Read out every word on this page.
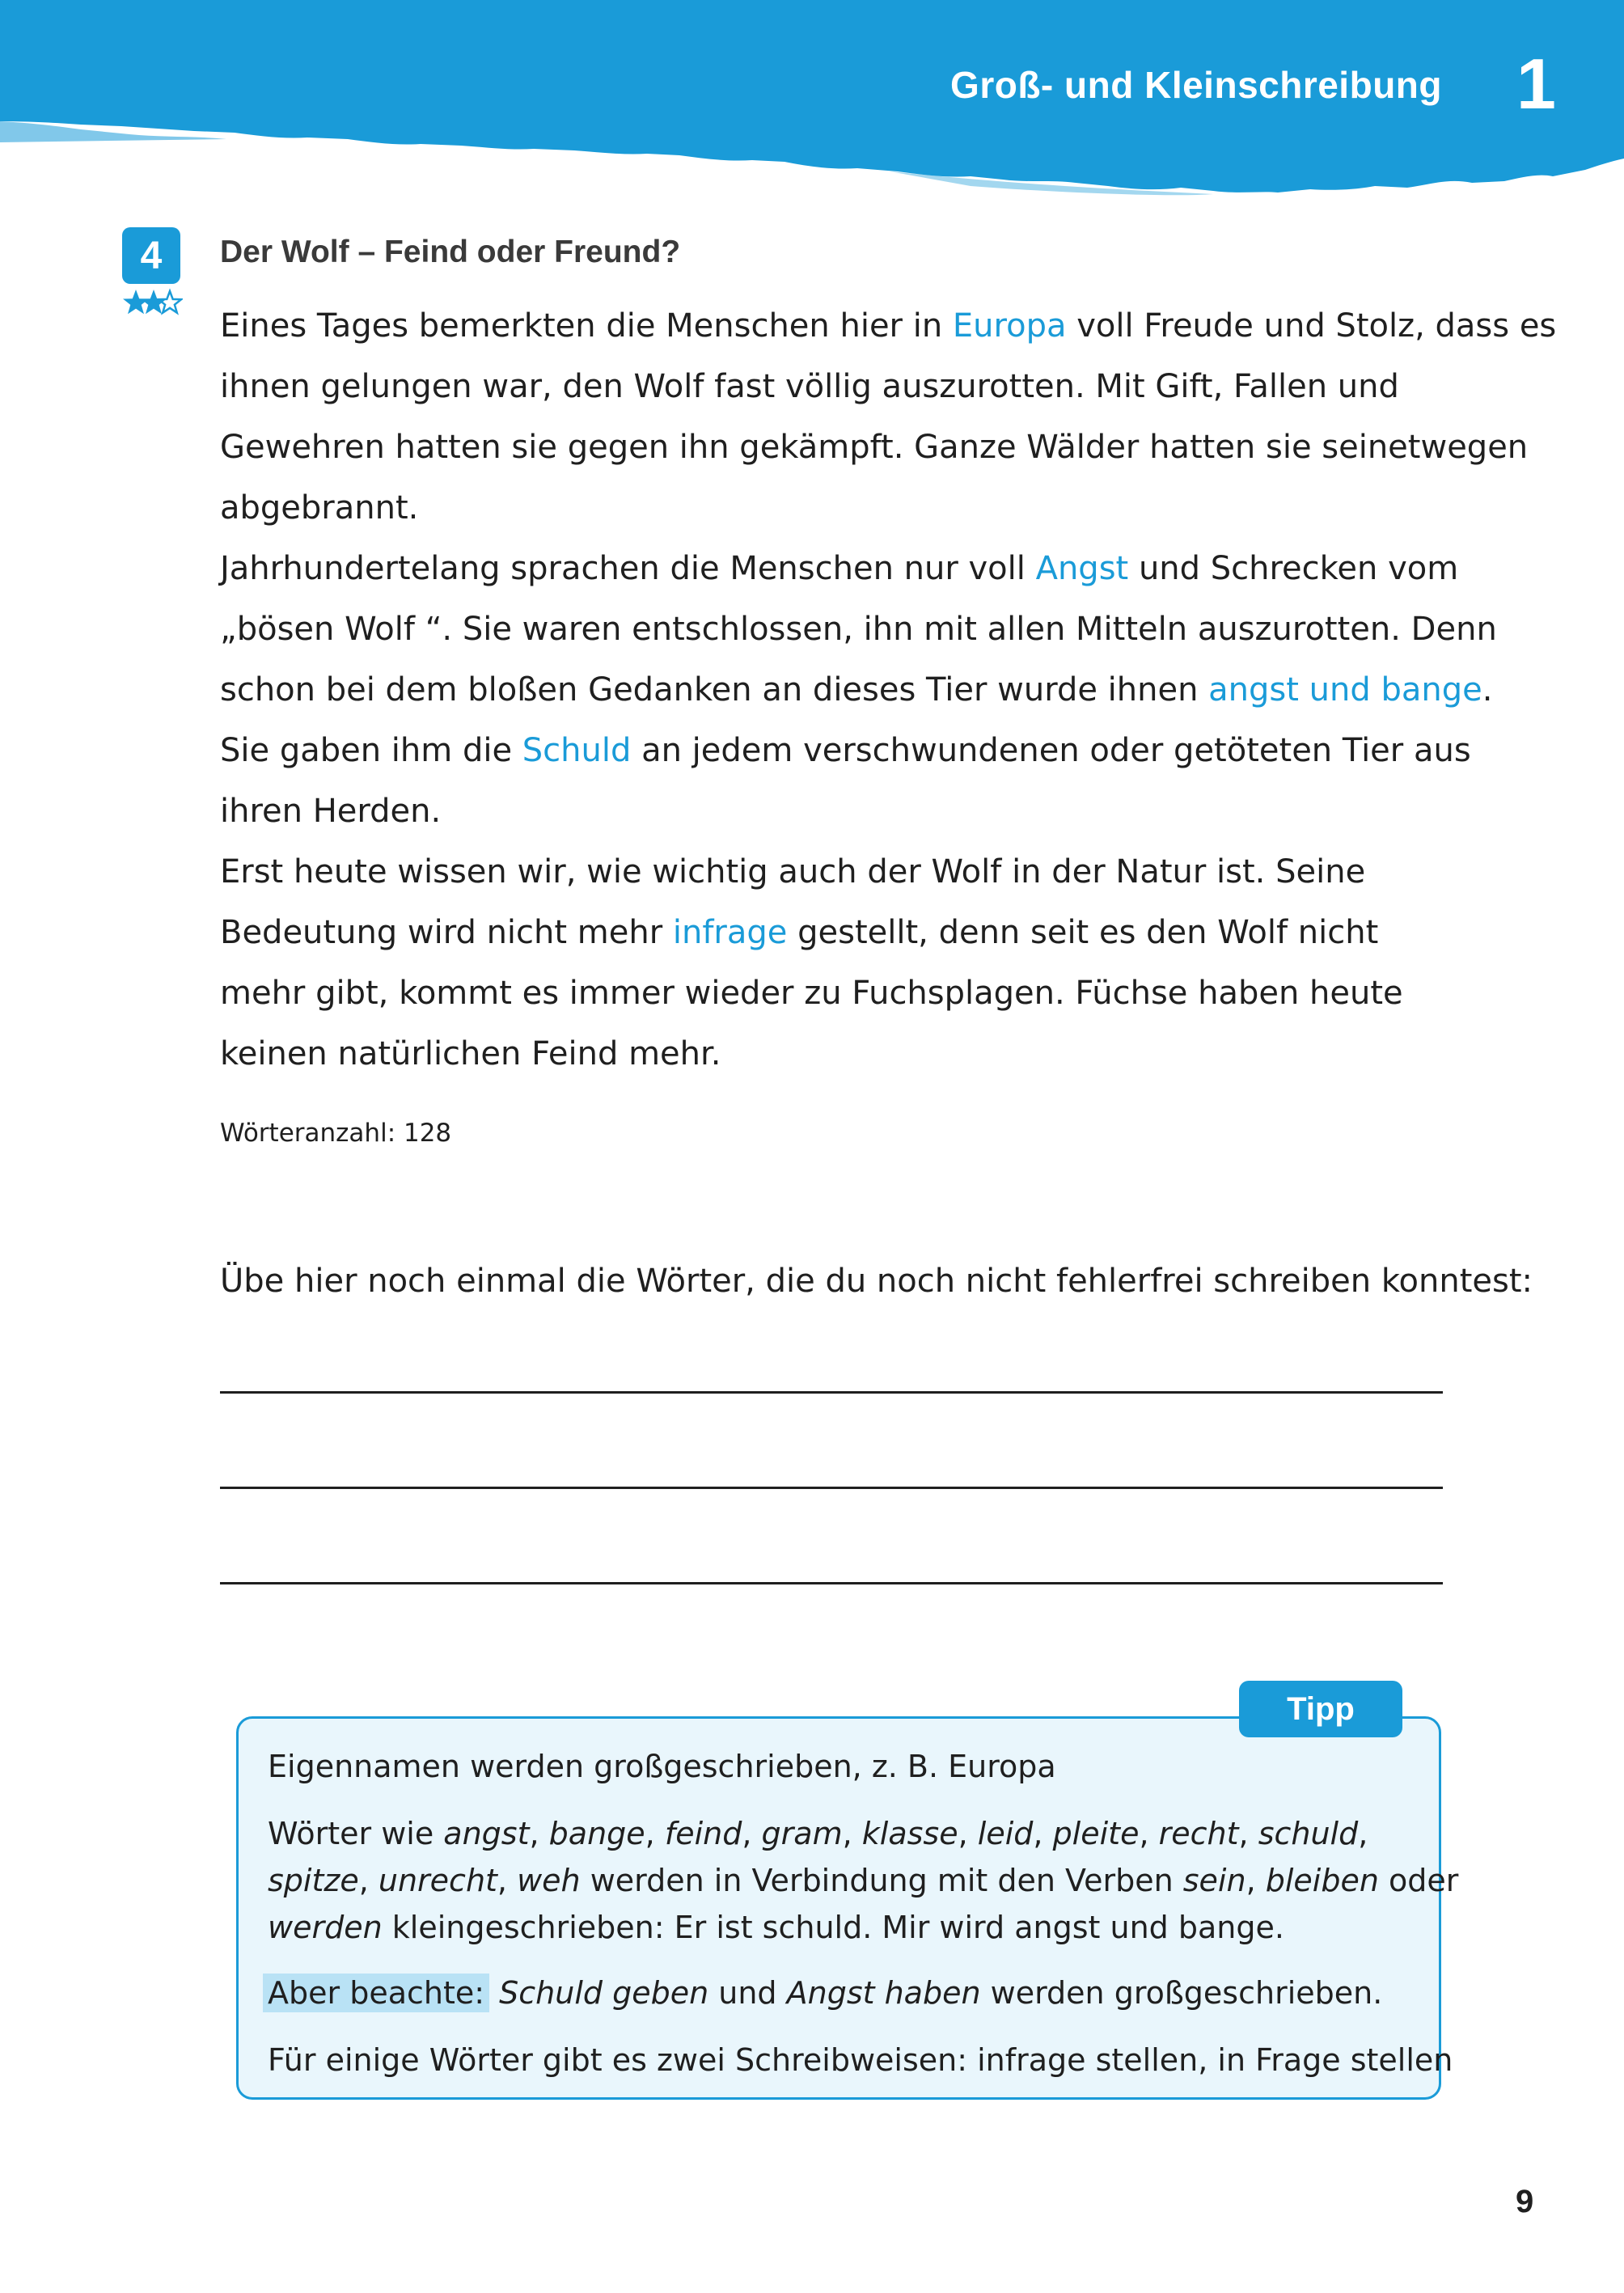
Groß- und Kleinschreibung 1
4	Der Wolf – Feind oder Freund?
Eines Tages bemerkten die Menschen hier in Europa voll Freude und Stolz, dass es
ihnen gelungen war, den Wolf fast völlig auszurotten. Mit Gift, Fallen und
Gewehren hatten sie gegen ihn gekämpft. Ganze Wälder hatten sie seinetwegen
abgebrannt.
Jahrhundertelang sprachen die Menschen nur voll Angst und Schrecken vom
„bösen Wolf “. Sie waren entschlossen, ihn mit allen Mitteln auszurotten. Denn
schon bei dem bloßen Gedanken an dieses Tier wurde ihnen angst und bange.
Sie gaben ihm die Schuld an jedem verschwundenen oder getöteten Tier aus
ihren Herden.
Erst heute wissen wir, wie wichtig auch der Wolf in der Natur ist. Seine
Bedeutung wird nicht mehr infrage gestellt, denn seit es den Wolf nicht
mehr gibt, kommt es immer wieder zu Fuchsplagen. Füchse haben heute
keinen natürlichen Feind mehr.
Wörteranzahl: 128
Übe hier noch einmal die Wörter, die du noch nicht fehlerfrei schreiben konntest:
Tipp
Eigennamen werden großgeschrieben, z. B. Europa
Wörter wie angst, bange, feind, gram, klasse, leid, pleite, recht, schuld,
spitze, unrecht, weh werden in Verbindung mit den Verben sein, bleiben oder
werden kleingeschrieben: Er ist schuld. Mir wird angst und bange.
Aber beachte: Schuld geben und Angst haben werden großgeschrieben.
Für einige Wörter gibt es zwei Schreibweisen: infrage stellen, in Frage stellen
9
